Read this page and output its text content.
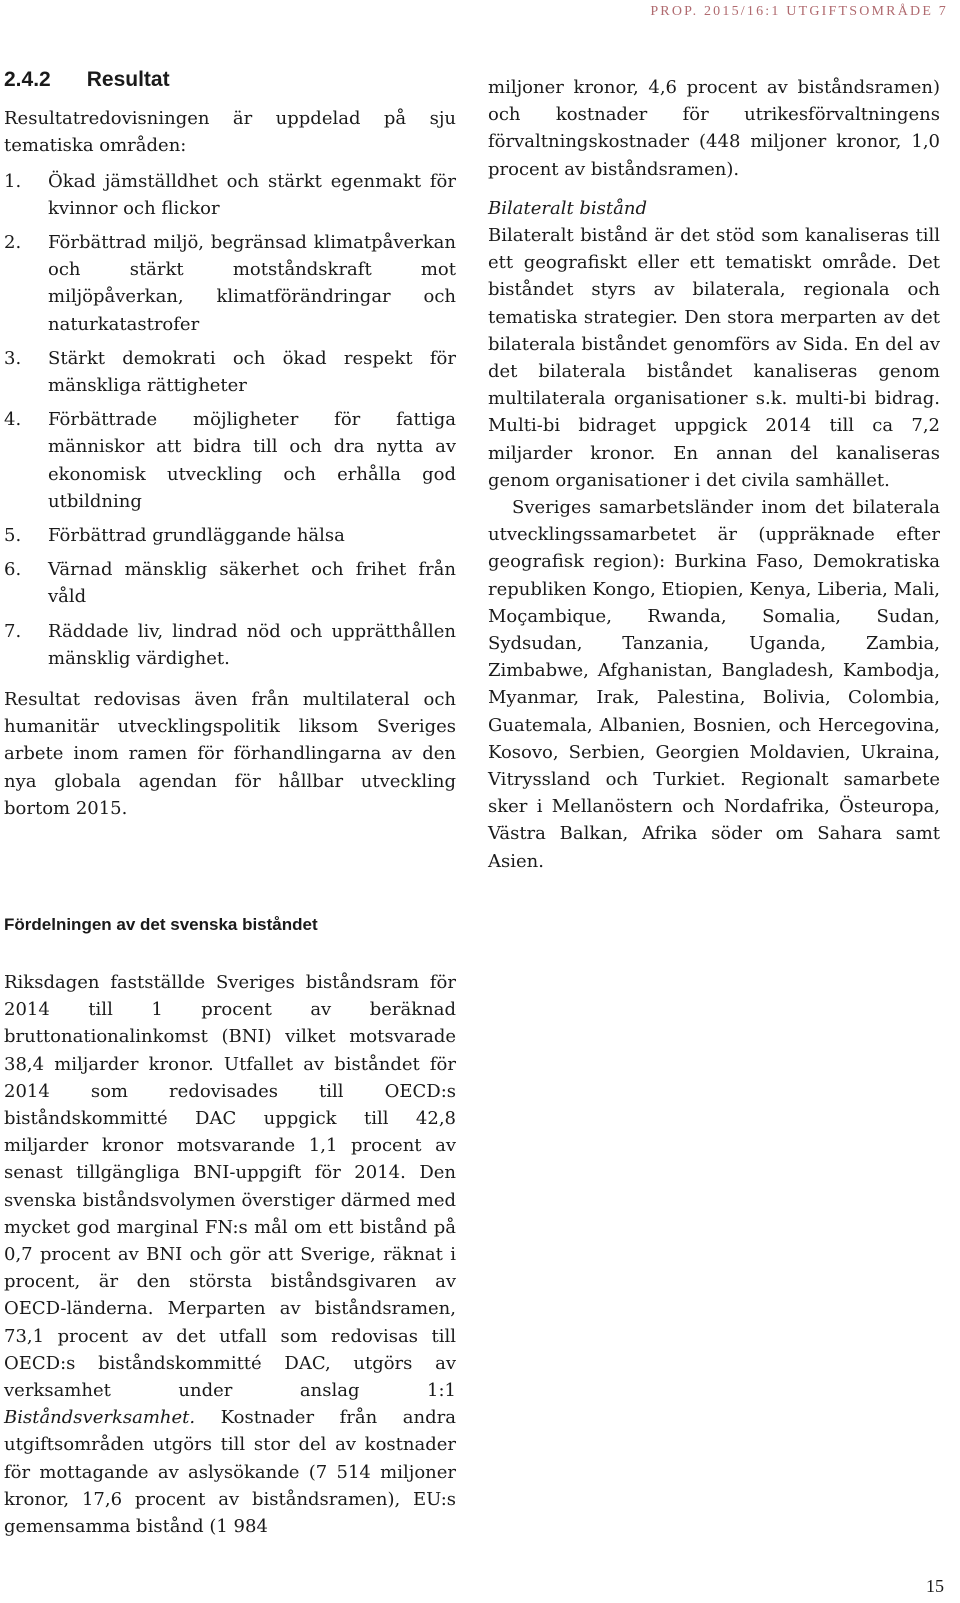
PROP. 2015/16:1 UTGIFTSOMRÅDE 7
2.4.2 Resultat

Resultatredovisningen är uppdelad på sju tematiska områden:

1. Ökad jämställdhet och stärkt egenmakt för kvinnor och flickor
2. Förbättrad miljö, begränsad klimatpåverkan och stärkt motståndskraft mot miljöpåverkan, klimatförändringar och naturkatastrofer
3. Stärkt demokrati och ökad respekt för mänskliga rättigheter
4. Förbättrade möjligheter för fattiga människor att bidra till och dra nytta av ekonomisk utveckling och erhålla god utbildning
5. Förbättrad grundläggande hälsa
6. Värnad mänsklig säkerhet och frihet från våld
7. Räddade liv, lindrad nöd och upprätthållen mänsklig värdighet.

Resultat redovisas även från multilateral och humanitär utvecklingspolitik liksom Sveriges arbete inom ramen för förhandlingarna av den nya globala agendan för hållbar utveckling bortom 2015.

Fördelningen av det svenska biståndet

Riksdagen fastställde Sveriges biståndsram för 2014 till 1 procent av beräknad bruttonationalinkomst (BNI) vilket motsvarade 38,4 miljarder kronor. Utfallet av biståndet för 2014 som redovisades till OECD:s biståndskommitté DAC uppgick till 42,8 miljarder kronor motsvarande 1,1 procent av senast tillgängliga BNI-uppgift för 2014. Den svenska biståndsvolymen överstiger därmed med mycket god marginal FN:s mål om ett bistånd på 0,7 procent av BNI och gör att Sverige, räknat i procent, är den största biståndsgivaren av OECD-länderna. Merparten av biståndsramen, 73,1 procent av det utfall som redovisas till OECD:s biståndskommitté DAC, utgörs av verksamhet under anslag 1:1 Biståndsverksamhet. Kostnader från andra utgiftsområden utgörs till stor del av kostnader för mottagande av aslysökande (7 514 miljoner kronor, 17,6 procent av biståndsramen), EU:s gemensamma bistånd (1 984

miljoner kronor, 4,6 procent av biståndsramen) och kostnader för utrikesförvaltningens förvaltningskostnader (448 miljoner kronor, 1,0 procent av biståndsramen).

Bilateralt bistånd

Bilateralt bistånd är det stöd som kanaliseras till ett geografiskt eller ett tematiskt område. Det biståndet styrs av bilaterala, regionala och tematiska strategier. Den stora merparten av det bilaterala biståndet genomförs av Sida. En del av det bilaterala biståndet kanaliseras genom multilaterala organisationer s.k. multi-bi bidrag. Multi-bi bidraget uppgick 2014 till ca 7,2 miljarder kronor. En annan del kanaliseras genom organisationer i det civila samhället.

Sveriges samarbetsländer inom det bilaterala utvecklingssamarbetet är (uppräknade efter geografisk region): Burkina Faso, Demokratiska republiken Kongo, Etiopien, Kenya, Liberia, Mali, Moçambique, Rwanda, Somalia, Sudan, Sydsudan, Tanzania, Uganda, Zambia, Zimbabwe, Afghanistan, Bangladesh, Kambodja, Myanmar, Irak, Palestina, Bolivia, Colombia, Guatemala, Albanien, Bosnien, och Hercegovina, Kosovo, Serbien, Georgien Moldavien, Ukraina, Vitryssland och Turkiet. Regionalt samarbete sker i Mellanöstern och Nordafrika, Östeuropa, Västra Balkan, Afrika söder om Sahara samt Asien.

15
